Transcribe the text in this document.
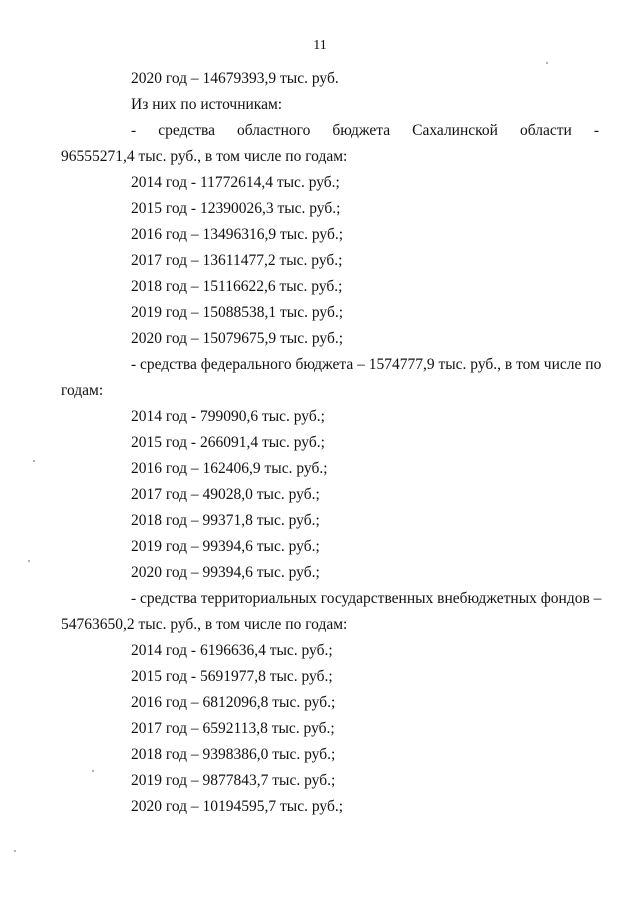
11
2020 год – 14679393,9 тыс. руб.
Из них по источникам:
- средства областного бюджета Сахалинской области -
96555271,4 тыс. руб., в том числе по годам:
2014 год - 11772614,4 тыс. руб.;
2015 год - 12390026,3 тыс. руб.;
2016 год – 13496316,9 тыс. руб.;
2017 год – 13611477,2 тыс. руб.;
2018 год – 15116622,6 тыс. руб.;
2019 год – 15088538,1 тыс. руб.;
2020 год – 15079675,9 тыс. руб.;
- средства федерального бюджета – 1574777,9 тыс. руб., в том числе по
годам:
2014 год - 799090,6 тыс. руб.;
2015 год - 266091,4 тыс. руб.;
2016 год – 162406,9 тыс. руб.;
2017 год – 49028,0 тыс. руб.;
2018 год – 99371,8 тыс. руб.;
2019 год – 99394,6 тыс. руб.;
2020 год – 99394,6 тыс. руб.;
- средства территориальных государственных внебюджетных фондов –
54763650,2 тыс. руб., в том числе по годам:
2014 год - 6196636,4 тыс. руб.;
2015 год - 5691977,8 тыс. руб.;
2016 год – 6812096,8 тыс. руб.;
2017 год – 6592113,8 тыс. руб.;
2018 год – 9398386,0 тыс. руб.;
2019 год – 9877843,7 тыс. руб.;
2020 год – 10194595,7 тыс. руб.;
